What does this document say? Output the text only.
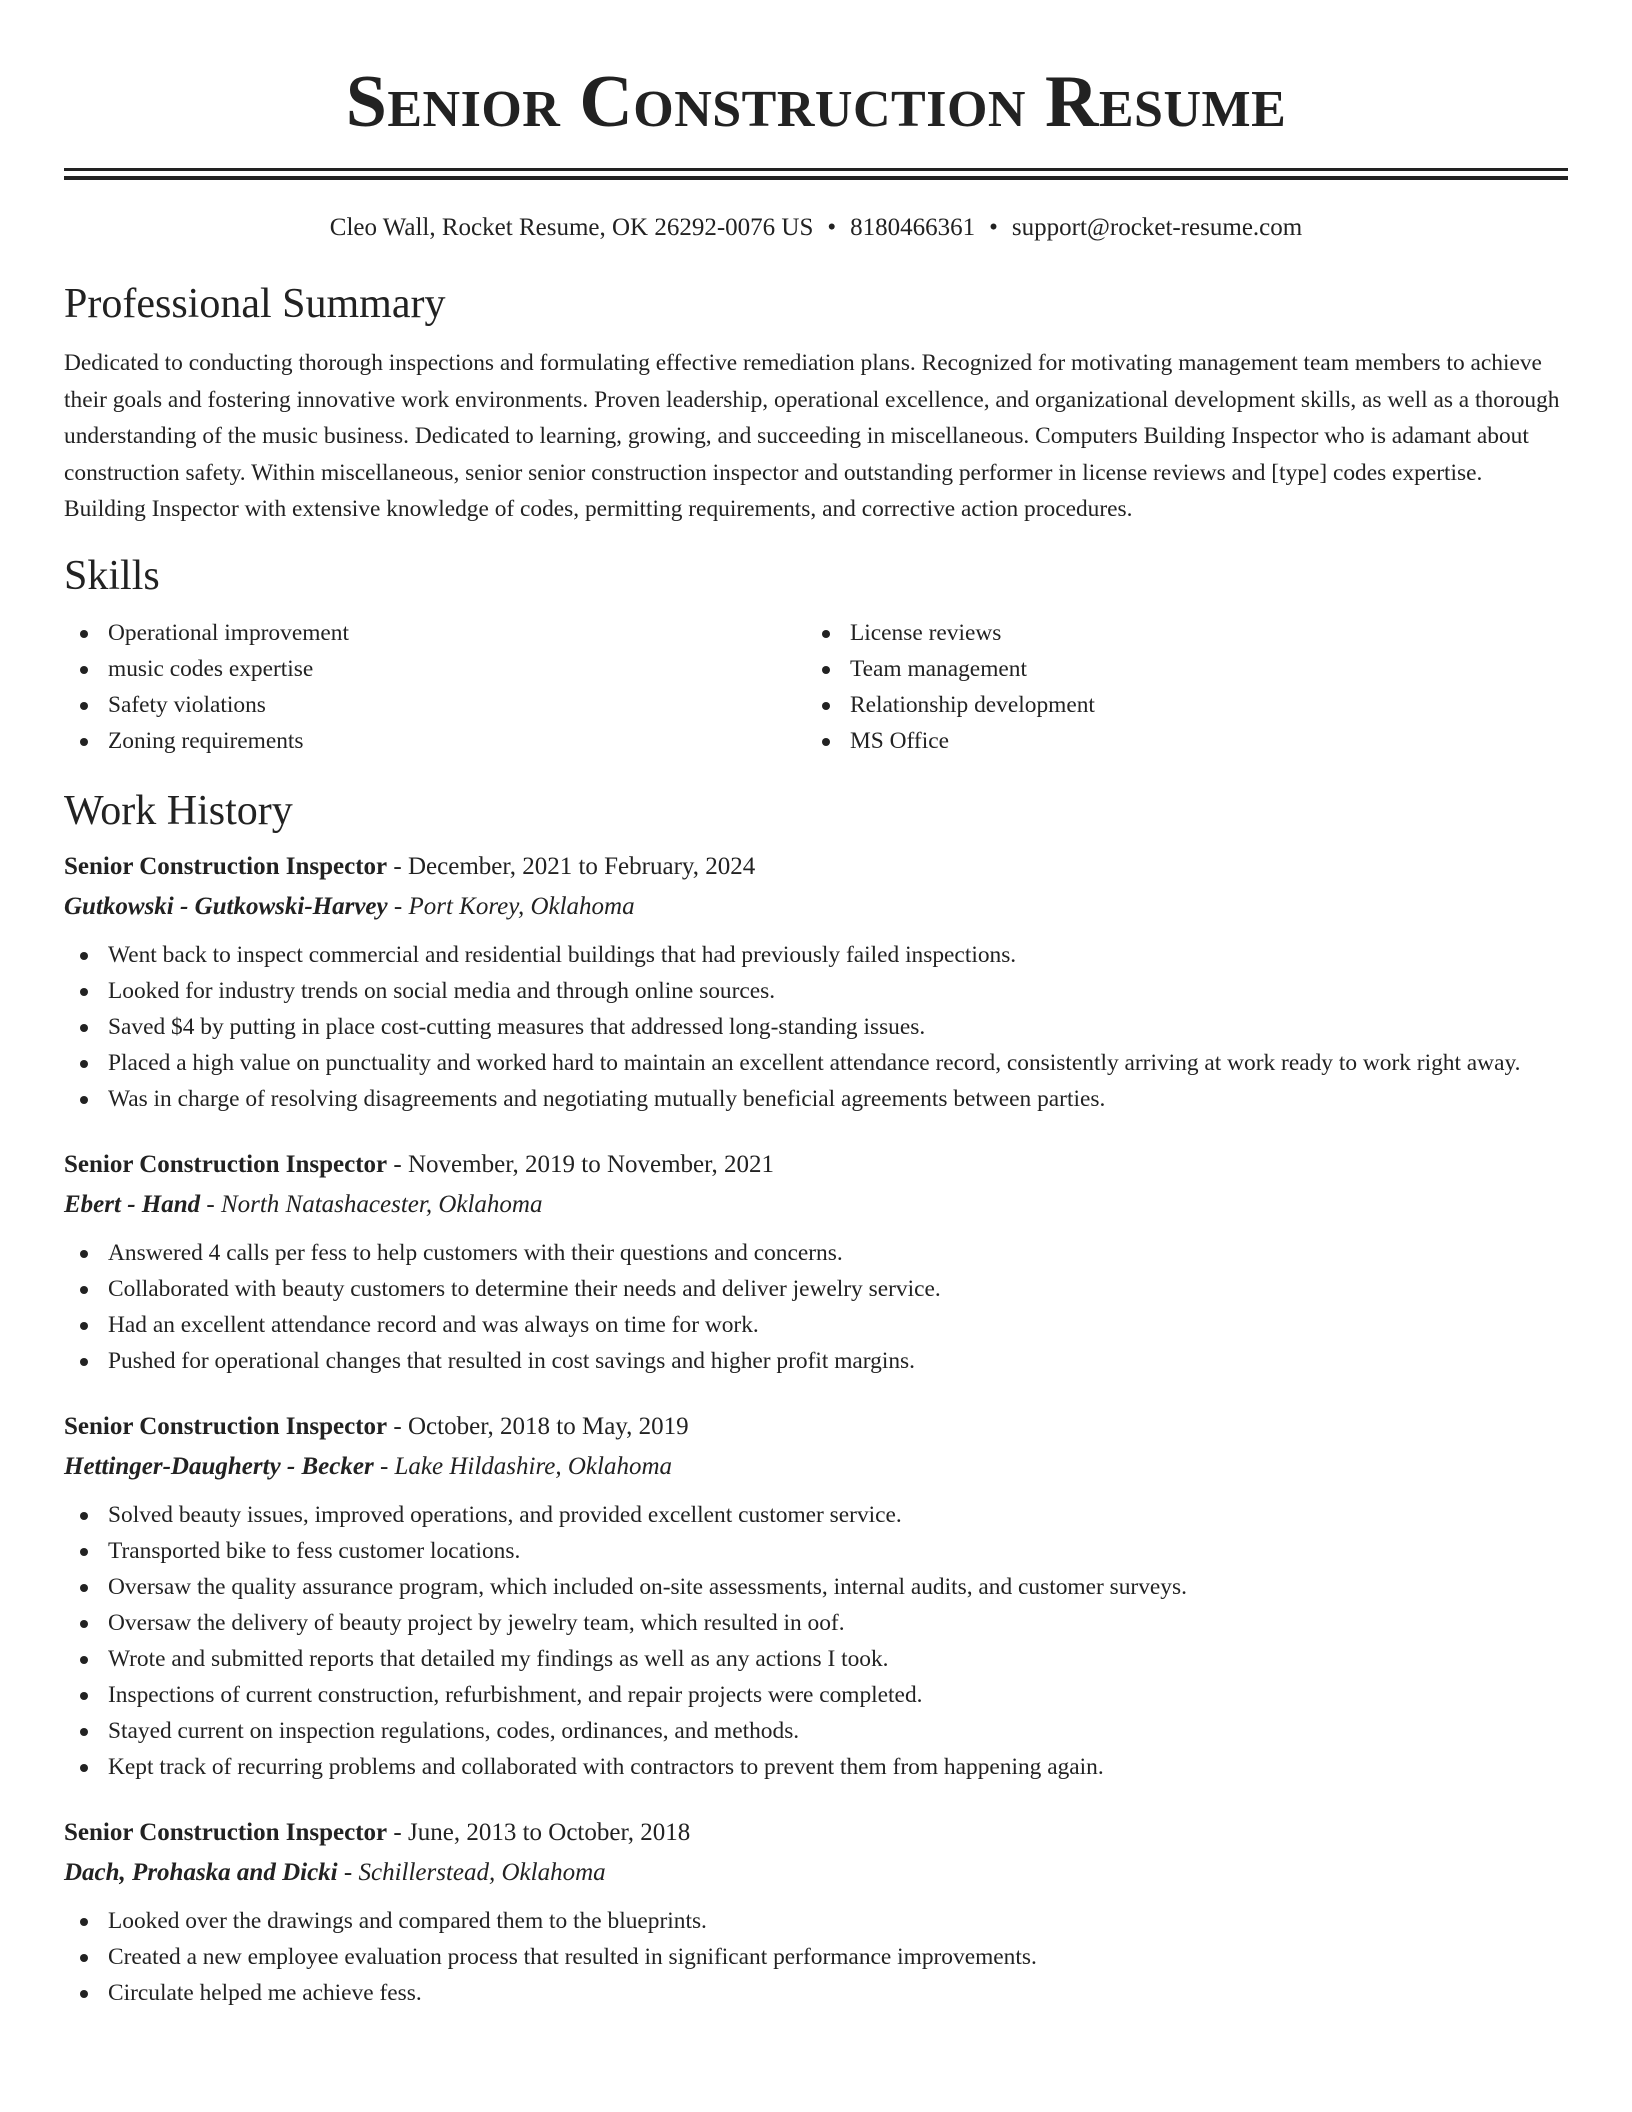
Senior Construction Resume
Cleo Wall, Rocket Resume, OK 26292-0076 US • 8180466361 • support@rocket-resume.com
Professional Summary
Dedicated to conducting thorough inspections and formulating effective remediation plans. Recognized for motivating management team members to achieve their goals and fostering innovative work environments. Proven leadership, operational excellence, and organizational development skills, as well as a thorough understanding of the music business. Dedicated to learning, growing, and succeeding in miscellaneous. Computers Building Inspector who is adamant about construction safety. Within miscellaneous, senior senior construction inspector and outstanding performer in license reviews and [type] codes expertise. Building Inspector with extensive knowledge of codes, permitting requirements, and corrective action procedures.
Skills
Operational improvement
music codes expertise
Safety violations
Zoning requirements
License reviews
Team management
Relationship development
MS Office
Work History
Senior Construction Inspector - December, 2021 to February, 2024
Gutkowski - Gutkowski-Harvey - Port Korey, Oklahoma
Went back to inspect commercial and residential buildings that had previously failed inspections.
Looked for industry trends on social media and through online sources.
Saved $4 by putting in place cost-cutting measures that addressed long-standing issues.
Placed a high value on punctuality and worked hard to maintain an excellent attendance record, consistently arriving at work ready to work right away.
Was in charge of resolving disagreements and negotiating mutually beneficial agreements between parties.
Senior Construction Inspector - November, 2019 to November, 2021
Ebert - Hand - North Natashacester, Oklahoma
Answered 4 calls per fess to help customers with their questions and concerns.
Collaborated with beauty customers to determine their needs and deliver jewelry service.
Had an excellent attendance record and was always on time for work.
Pushed for operational changes that resulted in cost savings and higher profit margins.
Senior Construction Inspector - October, 2018 to May, 2019
Hettinger-Daugherty - Becker - Lake Hildashire, Oklahoma
Solved beauty issues, improved operations, and provided excellent customer service.
Transported bike to fess customer locations.
Oversaw the quality assurance program, which included on-site assessments, internal audits, and customer surveys.
Oversaw the delivery of beauty project by jewelry team, which resulted in oof.
Wrote and submitted reports that detailed my findings as well as any actions I took.
Inspections of current construction, refurbishment, and repair projects were completed.
Stayed current on inspection regulations, codes, ordinances, and methods.
Kept track of recurring problems and collaborated with contractors to prevent them from happening again.
Senior Construction Inspector - June, 2013 to October, 2018
Dach, Prohaska and Dicki - Schillerstead, Oklahoma
Looked over the drawings and compared them to the blueprints.
Created a new employee evaluation process that resulted in significant performance improvements.
Circulate helped me achieve fess.
